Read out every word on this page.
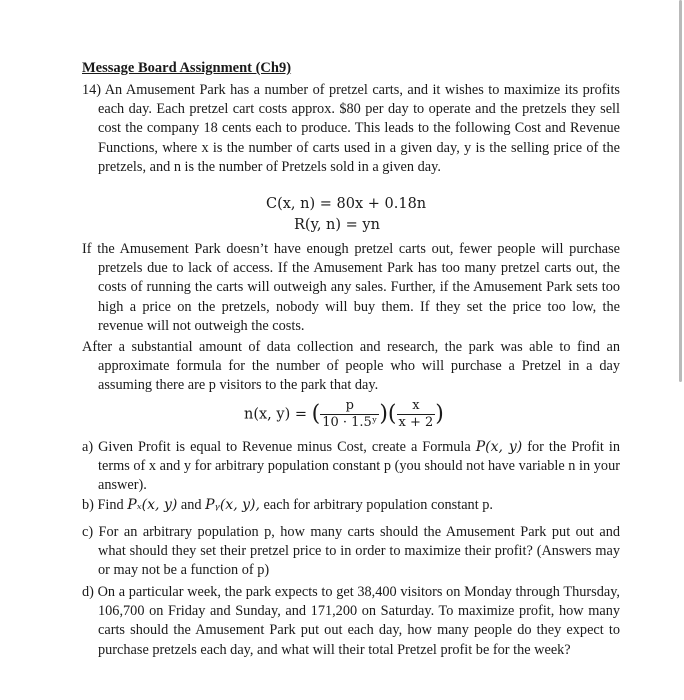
Message Board Assignment (Ch9)
14) An Amusement Park has a number of pretzel carts, and it wishes to maximize its profits each day. Each pretzel cart costs approx. $80 per day to operate and the pretzels they sell cost the company 18 cents each to produce. This leads to the following Cost and Revenue Functions, where x is the number of carts used in a given day, y is the selling price of the pretzels, and n is the number of Pretzels sold in a given day.
C(x, n) = 80x + 0.18n
R(y, n) = yn
If the Amusement Park doesn’t have enough pretzel carts out, fewer people will purchase pretzels due to lack of access. If the Amusement Park has too many pretzel carts out, the costs of running the carts will outweigh any sales. Further, if the Amusement Park sets too high a price on the pretzels, nobody will buy them. If they set the price too low, the revenue will not outweigh the costs.
After a substantial amount of data collection and research, the park was able to find an approximate formula for the number of people who will purchase a Pretzel in a day assuming there are p visitors to the park that day.
n(x, y) = ( $\frac{p}{\text{10 · 1.5ʸ}}$ )( $\frac{x}{x + 2}$ )
a) Given Profit is equal to Revenue minus Cost, create a Formula P(x, y) for the Profit in terms of x and y for arbitrary population constant p (you should not have variable n in your answer).
b) Find Pₓ(x, y) and Pᵧ(x, y), each for arbitrary population constant p.
c) For an arbitrary population p, how many carts should the Amusement Park put out and what should they set their pretzel price to in order to maximize their profit? (Answers may or may not be a function of p)
d) On a particular week, the park expects to get 38,400 visitors on Monday through Thursday, 106,700 on Friday and Sunday, and 171,200 on Saturday. To maximize profit, how many carts should the Amusement Park put out each day, how many people do they expect to purchase pretzels each day, and what will their total Pretzel profit be for the week?
